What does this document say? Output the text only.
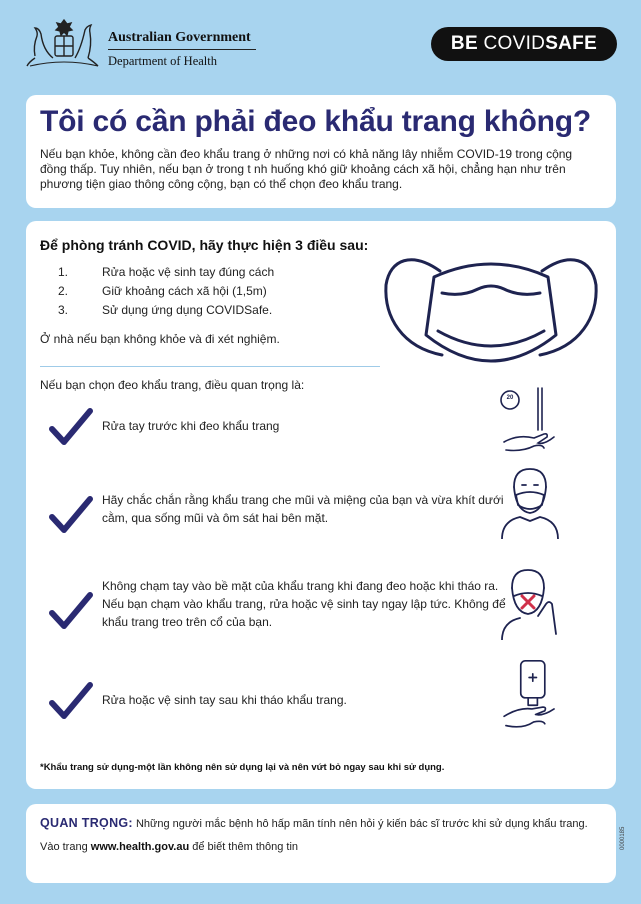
Australian Government
Department of Health
BE COVIDSAFE
Tôi có cần phải đeo khẩu trang không?

Nếu bạn khỏe, không cần đeo khẩu trang ở những nơi có khả năng lây nhiễm COVID-19 trong cộng đồng thấp. Tuy nhiên, nếu bạn ở trong t nh huống khó giữ khoảng cách xã hội, chẳng hạn như trên phương tiện giao thông công cộng, bạn có thể chọn đeo khẩu trang.

Để phòng tránh COVID, hãy thực hiện 3 điều sau:

1.	Rửa hoặc vệ sinh tay đúng cách
2.	Giữ khoảng cách xã hội (1,5m)
3.	Sử dụng ứng dụng COVIDSafe.

Ở nhà nếu bạn không khỏe và đi xét nghiệm.

Nếu bạn chọn đeo khẩu trang, điều quan trọng là:
Rửa tay trước khi đeo khẩu trang
20
Hãy chắc chắn rằng khẩu trang che mũi và miệng của bạn và vừa khít dưới cằm, qua sống mũi và ôm sát hai bên mặt.
Không chạm tay vào bề mặt của khẩu trang khi đang đeo hoặc khi tháo ra. Nếu bạn chạm vào khẩu trang, rửa hoặc vệ sinh tay ngay lập tức. Không để khẩu trang treo trên cổ của bạn.
Rửa hoặc vệ sinh tay sau khi tháo khẩu trang.
*Khẩu trang sử dụng-một lần không nên sử dụng lại và nên vứt bỏ ngay sau khi sử dụng.

QUAN TRỌNG: Những người mắc bệnh hô hấp mãn tính nên hỏi ý kiến bác sĩ trước khi sử dụng khẩu trang.

Vào trang www.health.gov.au để biết thêm thông tin	0000185
